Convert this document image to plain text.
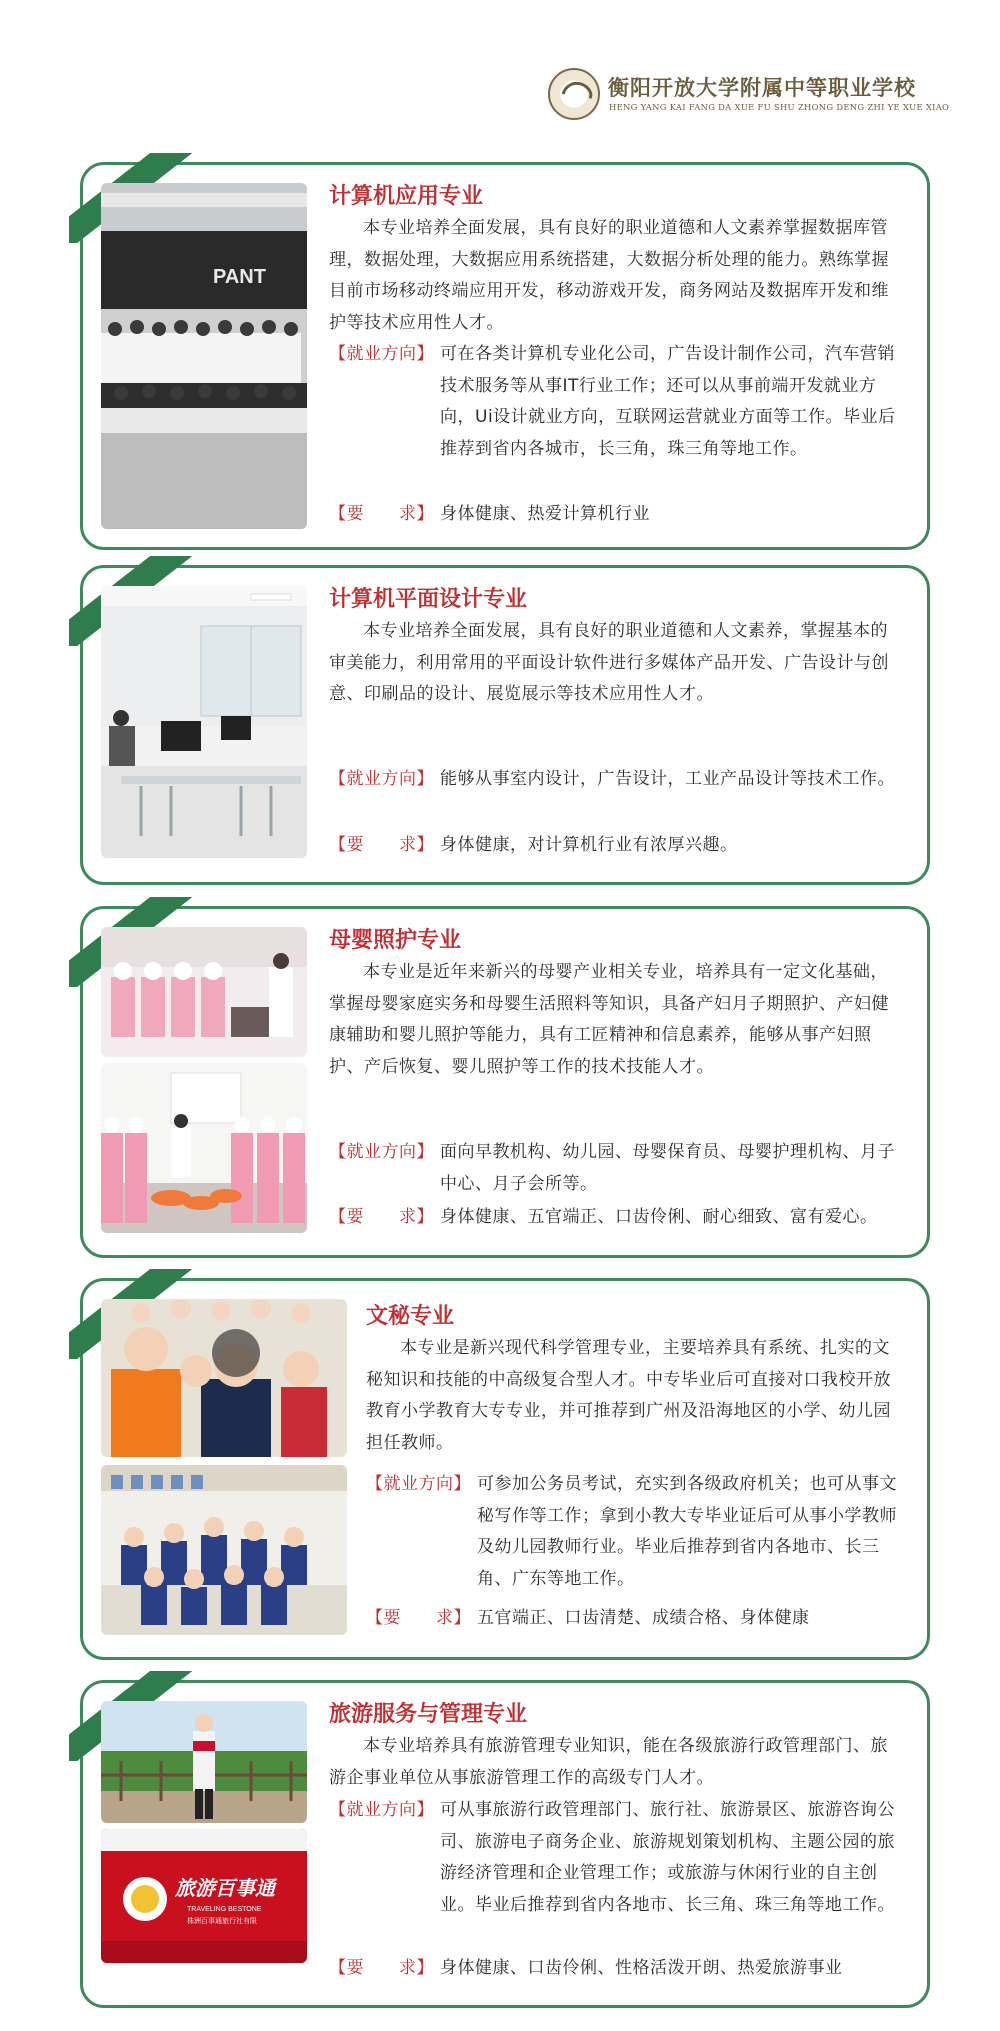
衡阳开放大学附属中等职业学校
HENG YANG KAI FANG DA XUE FU SHU ZHONG DENG ZHI YE XUE XIAO
PANT
计算机应用专业

本专业培养全面发展，具有良好的职业道德和人文素养掌握数据库管理，数据处理，大数据应用系统搭建，大数据分析处理的能力。熟练掌握目前市场移动终端应用开发，移动游戏开发，商务网站及数据库开发和维护等技术应用性人才。

【就业方向】 可在各类计算机专业化公司，广告设计制作公司，汽车营销技术服务等从事IT行业工作；还可以从事前端开发就业方向，Ui设计就业方向，互联网运营就业方面等工作。毕业后推荐到省内各城市，长三角，珠三角等地工作。
【要　　求】 身体健康、热爱计算机行业
计算机平面设计专业

本专业培养全面发展，具有良好的职业道德和人文素养，掌握基本的审美能力，利用常用的平面设计软件进行多媒体产品开发、广告设计与创意、印刷品的设计、展览展示等技术应用性人才。

【就业方向】 能够从事室内设计，广告设计，工业产品设计等技术工作。
【要　　求】 身体健康，对计算机行业有浓厚兴趣。
母婴照护专业

本专业是近年来新兴的母婴产业相关专业，培养具有一定文化基础，掌握母婴家庭实务和母婴生活照料等知识，具备产妇月子期照护、产妇健康辅助和婴儿照护等能力，具有工匠精神和信息素养，能够从事产妇照护、产后恢复、婴儿照护等工作的技术技能人才。

【就业方向】 面向早教机构、幼儿园、母婴保育员、母婴护理机构、月子中心、月子会所等。
【要　　求】 身体健康、五官端正、口齿伶俐、耐心细致、富有爱心。
文秘专业

本专业是新兴现代科学管理专业，主要培养具有系统、扎实的文秘知识和技能的中高级复合型人才。中专毕业后可直接对口我校开放教育小学教育大专专业，并可推荐到广州及沿海地区的小学、幼儿园担任教师。

【就业方向】 可参加公务员考试，充实到各级政府机关；也可从事文秘写作等工作；拿到小教大专毕业证后可从事小学教师及幼儿园教师行业。毕业后推荐到省内各地市、长三角、广东等地工作。
【要　　求】 五官端正、口齿清楚、成绩合格、身体健康
旅游百事通
TRAVELING BESTONE
株洲百事通旅行社有限
旅游服务与管理专业

本专业培养具有旅游管理专业知识，能在各级旅游行政管理部门、旅游企事业单位从事旅游管理工作的高级专门人才。

【就业方向】 可从事旅游行政管理部门、旅行社、旅游景区、旅游咨询公司、旅游电子商务企业、旅游规划策划机构、主题公园的旅游经济管理和企业管理工作；或旅游与休闲行业的自主创业。毕业后推荐到省内各地市、长三角、珠三角等地工作。
【要　　求】 身体健康、口齿伶俐、性格活泼开朗、热爱旅游事业
